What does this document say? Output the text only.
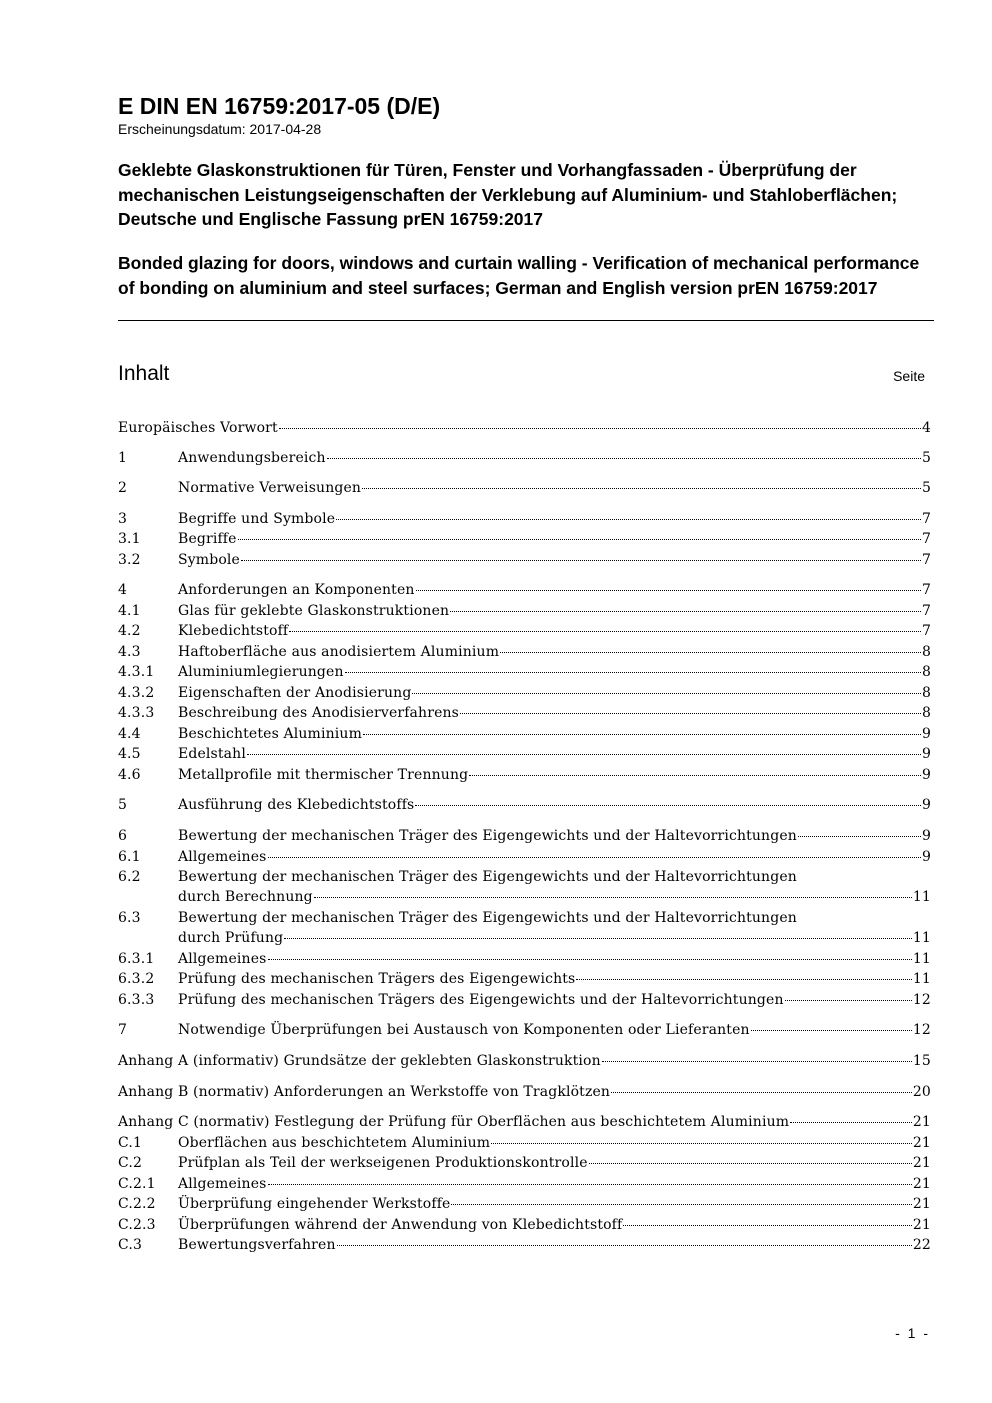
E DIN EN 16759:2017-05 (D/E)
Erscheinungsdatum: 2017-04-28

Geklebte Glaskonstruktionen für Türen, Fenster und Vorhangfassaden - Überprüfung der mechanischen Leistungseigenschaften der Verklebung auf Aluminium- und Stahloberflächen; Deutsche und Englische Fassung prEN 16759:2017

Bonded glazing for doors, windows and curtain walling - Verification of mechanical performance of bonding on aluminium and steel surfaces; German and English version prEN 16759:2017

Inhalt	Seite
Europäisches Vorwort	4
1	Anwendungsbereich	5
2	Normative Verweisungen	5
3	Begriffe und Symbole	7
3.1	Begriffe	7
3.2	Symbole	7
4	Anforderungen an Komponenten	7
4.1	Glas für geklebte Glaskonstruktionen	7
4.2	Klebedichtstoff	7
4.3	Haftoberfläche aus anodisiertem Aluminium	8
4.3.1 Aluminiumlegierungen	8
4.3.2 Eigenschaften der Anodisierung	8
4.3.3 Beschreibung des Anodisierverfahrens	8
4.4	Beschichtetes Aluminium	9
4.5	Edelstahl	9
4.6	Metallprofile mit thermischer Trennung	9
5	Ausführung des Klebedichtstoffs	9
6	Bewertung der mechanischen Träger des Eigengewichts und der Haltevorrichtungen	9
6.1	Allgemeines	9
6.2	Bewertung der mechanischen Träger des Eigengewichts und der Haltevorrichtungen
durch Berechnung	11
6.3	Bewertung der mechanischen Träger des Eigengewichts und der Haltevorrichtungen
durch Prüfung	11
6.3.1 Allgemeines	11
6.3.2 Prüfung des mechanischen Trägers des Eigengewichts	11
6.3.3 Prüfung des mechanischen Trägers des Eigengewichts und der Haltevorrichtungen	12
7	Notwendige Überprüfungen bei Austausch von Komponenten oder Lieferanten	12
Anhang A (informativ) Grundsätze der geklebten Glaskonstruktion	15
Anhang B (normativ) Anforderungen an Werkstoffe von Tragklötzen	20
Anhang C (normativ) Festlegung der Prüfung für Oberflächen aus beschichtetem Aluminium	21
C.1	Oberflächen aus beschichtetem Aluminium	21
C.2	Prüfplan als Teil der werkseigenen Produktionskontrolle	21
C.2.1 Allgemeines	21
C.2.2 Überprüfung eingehender Werkstoffe	21
C.2.3 Überprüfungen während der Anwendung von Klebedichtstoff	21
C.3	Bewertungsverfahren	22
- 1 -
